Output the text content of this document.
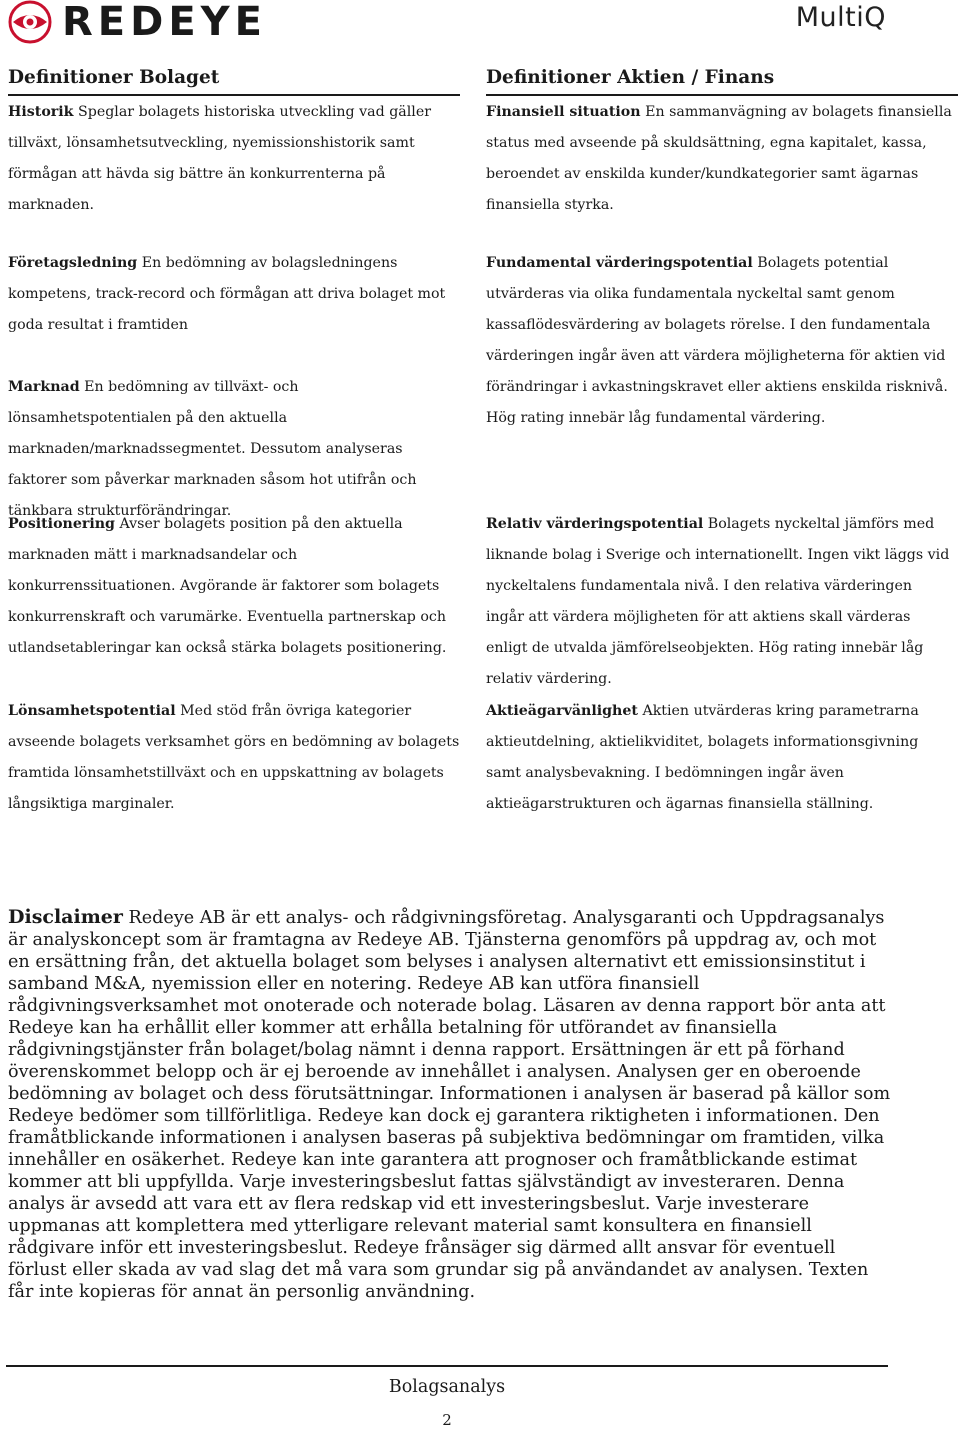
REDEYE	MultiQ
Definitioner Bolaget	Definitioner Aktien / Finans

Historik Speglar bolagets historiska utveckling vad gäller tillväxt, lönsamhetsutveckling, nyemissionshistorik samt förmågan att hävda sig bättre än konkurrenterna på marknaden.

Företagsledning En bedömning av bolagsledningens kompetens, track-record och förmågan att driva bolaget mot goda resultat i framtiden

Marknad En bedömning av tillväxt- och lönsamhetspotentialen på den aktuella marknaden/marknadssegmentet. Dessutom analyseras faktorer som påverkar marknaden såsom hot utifrån och tänkbara strukturförändringar.

Positionering Avser bolagets position på den aktuella marknaden mätt i marknadsandelar och konkurrenssituationen. Avgörande är faktorer som bolagets konkurrenskraft och varumärke. Eventuella partnerskap och utlandsetableringar kan också stärka bolagets positionering.

Lönsamhetspotential Med stöd från övriga kategorier avseende bolagets verksamhet görs en bedömning av bolagets framtida lönsamhetstillväxt och en uppskattning av bolagets långsiktiga marginaler.

Finansiell situation En sammanvägning av bolagets finansiella status med avseende på skuldsättning, egna kapitalet, kassa, beroendet av enskilda kunder/kundkategorier samt ägarnas finansiella styrka.

Fundamental värderingspotential Bolagets potential utvärderas via olika fundamentala nyckeltal samt genom kassaflödesvärdering av bolagets rörelse. I den fundamentala värderingen ingår även att värdera möjligheterna för aktien vid förändringar i avkastningskravet eller aktiens enskilda risknivå. Hög rating innebär låg fundamental värdering.

Relativ värderingspotential Bolagets nyckeltal jämförs med liknande bolag i Sverige och internationellt. Ingen vikt läggs vid nyckeltalens fundamentala nivå. I den relativa värderingen ingår att värdera möjligheten för att aktiens skall värderas enligt de utvalda jämförelseobjekten. Hög rating innebär låg relativ värdering.

Aktieägarvänlighet Aktien utvärderas kring parametrarna aktieutdelning, aktielikviditet, bolagets informationsgivning samt analysbevakning. I bedömningen ingår även aktieägarstrukturen och ägarnas finansiella ställning.

Disclaimer Redeye AB är ett analys- och rådgivningsföretag. Analysgaranti och Uppdragsanalys är analyskoncept som är framtagna av Redeye AB. Tjänsterna genomförs på uppdrag av, och mot en ersättning från, det aktuella bolaget som belyses i analysen alternativt ett emissionsinstitut i samband M&A, nyemission eller en notering. Redeye AB kan utföra finansiell rådgivningsverksamhet mot onoterade och noterade bolag. Läsaren av denna rapport bör anta att Redeye kan ha erhållit eller kommer att erhålla betalning för utförandet av finansiella rådgivningstjänster från bolaget/bolag nämnt i denna rapport. Ersättningen är ett på förhand överenskommet belopp och är ej beroende av innehållet i analysen. Analysen ger en oberoende bedömning av bolaget och dess förutsättningar. Informationen i analysen är baserad på källor som Redeye bedömer som tillförlitliga. Redeye kan dock ej garantera riktigheten i informationen. Den framåtblickande informationen i analysen baseras på subjektiva bedömningar om framtiden, vilka innehåller en osäkerhet. Redeye kan inte garantera att prognoser och framåtblickande estimat kommer att bli uppfyllda. Varje investeringsbeslut fattas självständigt av investeraren. Denna analys är avsedd att vara ett av flera redskap vid ett investeringsbeslut. Varje investerare uppmanas att komplettera med ytterligare relevant material samt konsultera en finansiell rådgivare inför ett investeringsbeslut. Redeye frånsäger sig därmed allt ansvar för eventuell förlust eller skada av vad slag det må vara som grundar sig på användandet av analysen. Texten får inte kopieras för annat än personlig användning.

Bolagsanalys
2
